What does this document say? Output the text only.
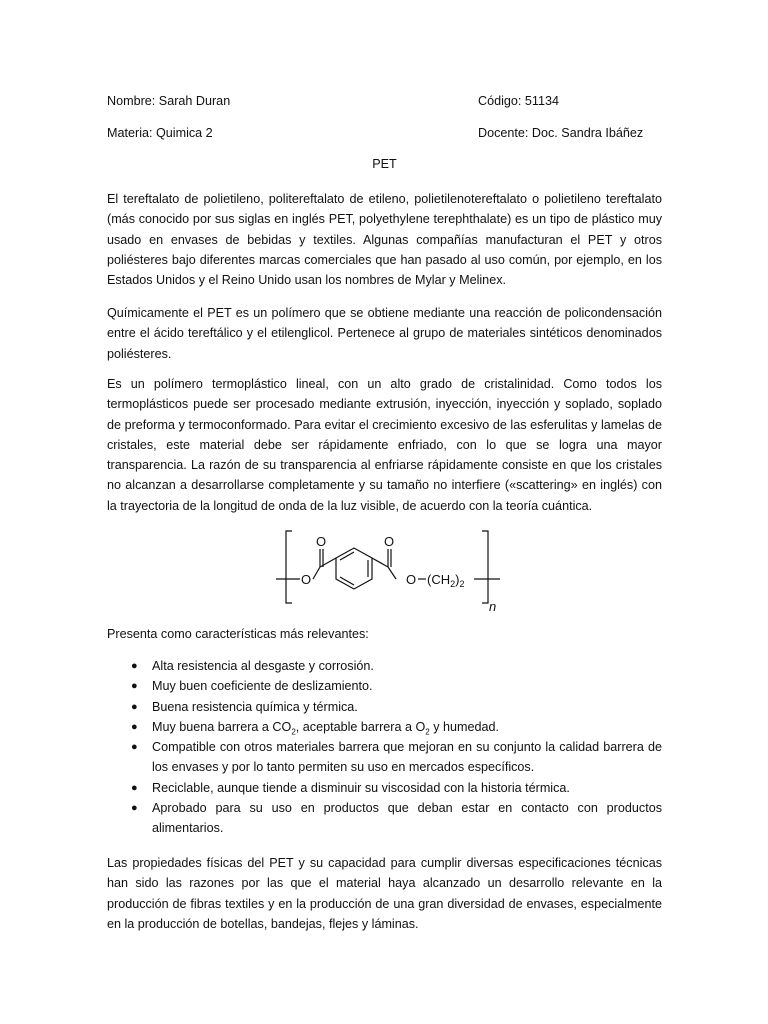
Nombre: Sarah Duran	Código: 51134
Materia: Quimica 2	Docente: Doc. Sandra Ibáñez
PET

El tereftalato de polietileno, politereftalato de etileno, polietilenotereftalato o polietileno tereftalato (más conocido por sus siglas en inglés PET, polyethylene terephthalate) es un tipo de plástico muy usado en envases de bebidas y textiles. Algunas compañías manufacturan el PET y otros poliésteres bajo diferentes marcas comerciales que han pasado al uso común, por ejemplo, en los Estados Unidos y el Reino Unido usan los nombres de Mylar y Melinex.

Químicamente el PET es un polímero que se obtiene mediante una reacción de policondensación entre el ácido tereftálico y el etilenglicol. Pertenece al grupo de materiales sintéticos denominados poliésteres.

Es un polímero termoplástico lineal, con un alto grado de cristalinidad. Como todos los termoplásticos puede ser procesado mediante extrusión, inyección, inyección y soplado, soplado de preforma y termoconformado. Para evitar el crecimiento excesivo de las esferulitas y lamelas de cristales, este material debe ser rápidamente enfriado, con lo que se logra una mayor transparencia. La razón de su transparencia al enfriarse rápidamente consiste en que los cristales no alcanzan a desarrollarse completamente y su tamaño no interfiere («scattering» en inglés) con la trayectoria de la longitud de onda de la luz visible, de acuerdo con la teoría cuántica.

O
O	O
O $(CH_2)_2$
n

Presenta como características más relevantes:

● Alta resistencia al desgaste y corrosión.
● Muy buen coeficiente de deslizamiento.
● Buena resistencia química y térmica.
● Muy buena barrera a $CO_2$, aceptable barrera a $O_2$ y humedad.
● Compatible con otros materiales barrera que mejoran en su conjunto la calidad barrera de los envases y por lo tanto permiten su uso en mercados específicos.
● Reciclable, aunque tiende a disminuir su viscosidad con la historia térmica.
● Aprobado para su uso en productos que deban estar en contacto con productos alimentarios.

Las propiedades físicas del PET y su capacidad para cumplir diversas especificaciones técnicas han sido las razones por las que el material haya alcanzado un desarrollo relevante en la producción de fibras textiles y en la producción de una gran diversidad de envases, especialmente en la producción de botellas, bandejas, flejes y láminas.
